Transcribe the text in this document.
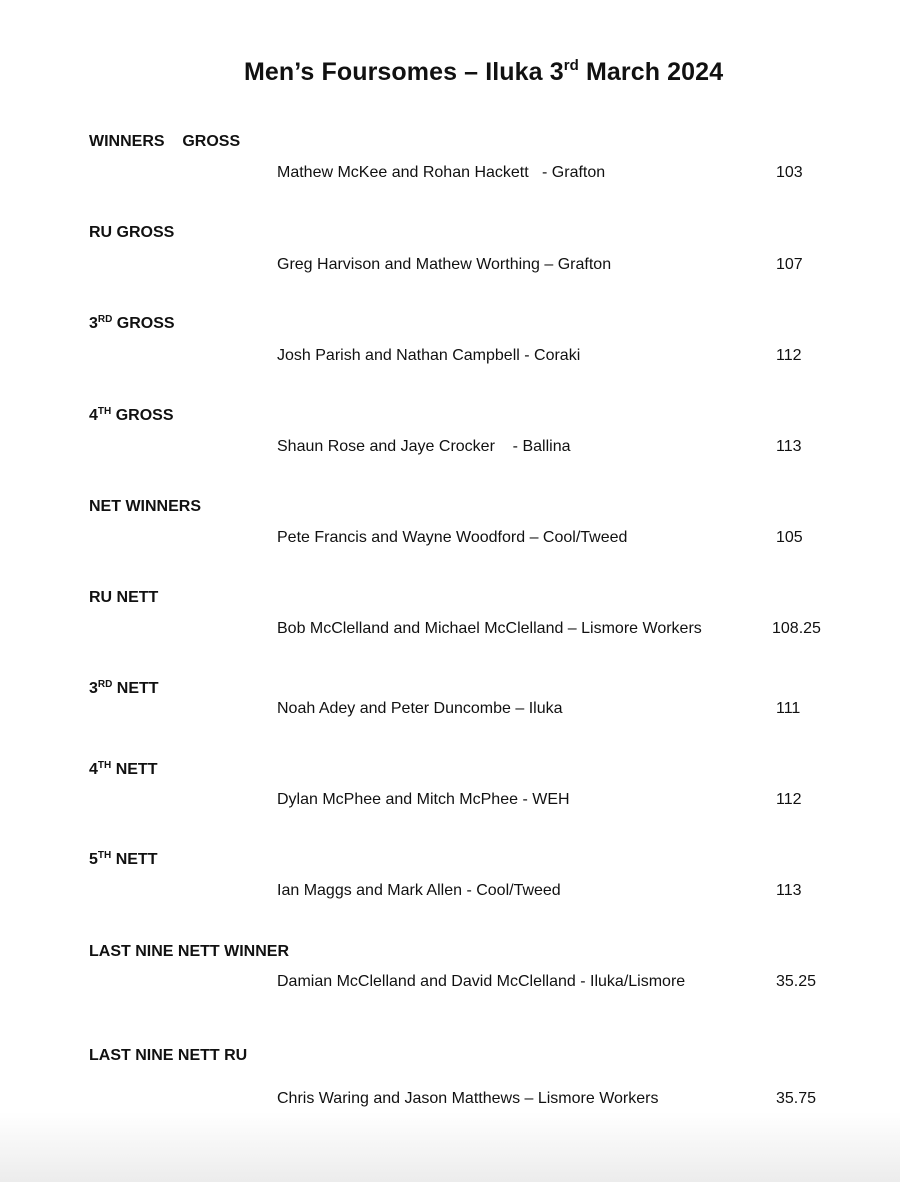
Men’s Foursomes – Iluka 3rd March 2024
WINNERS    GROSS
Mathew McKee and Rohan Hackett   - Grafton	103
RU GROSS
Greg Harvison and Mathew Worthing – Grafton	107
3RD GROSS
Josh Parish and Nathan Campbell - Coraki	112
4TH GROSS
Shaun Rose and Jaye Crocker    - Ballina	113
NET WINNERS
Pete Francis and Wayne Woodford – Cool/Tweed	105
RU NETT
Bob McClelland and Michael McClelland – Lismore Workers	108.25
3RD NETT
Noah Adey and Peter Duncombe – Iluka	111
4TH NETT
Dylan McPhee and Mitch McPhee - WEH	112
5TH NETT
Ian Maggs and Mark Allen - Cool/Tweed	113
LAST NINE NETT WINNER
Damian McClelland and David McClelland - Iluka/Lismore	35.25
LAST NINE NETT RU
Chris Waring and Jason Matthews – Lismore Workers	35.75
